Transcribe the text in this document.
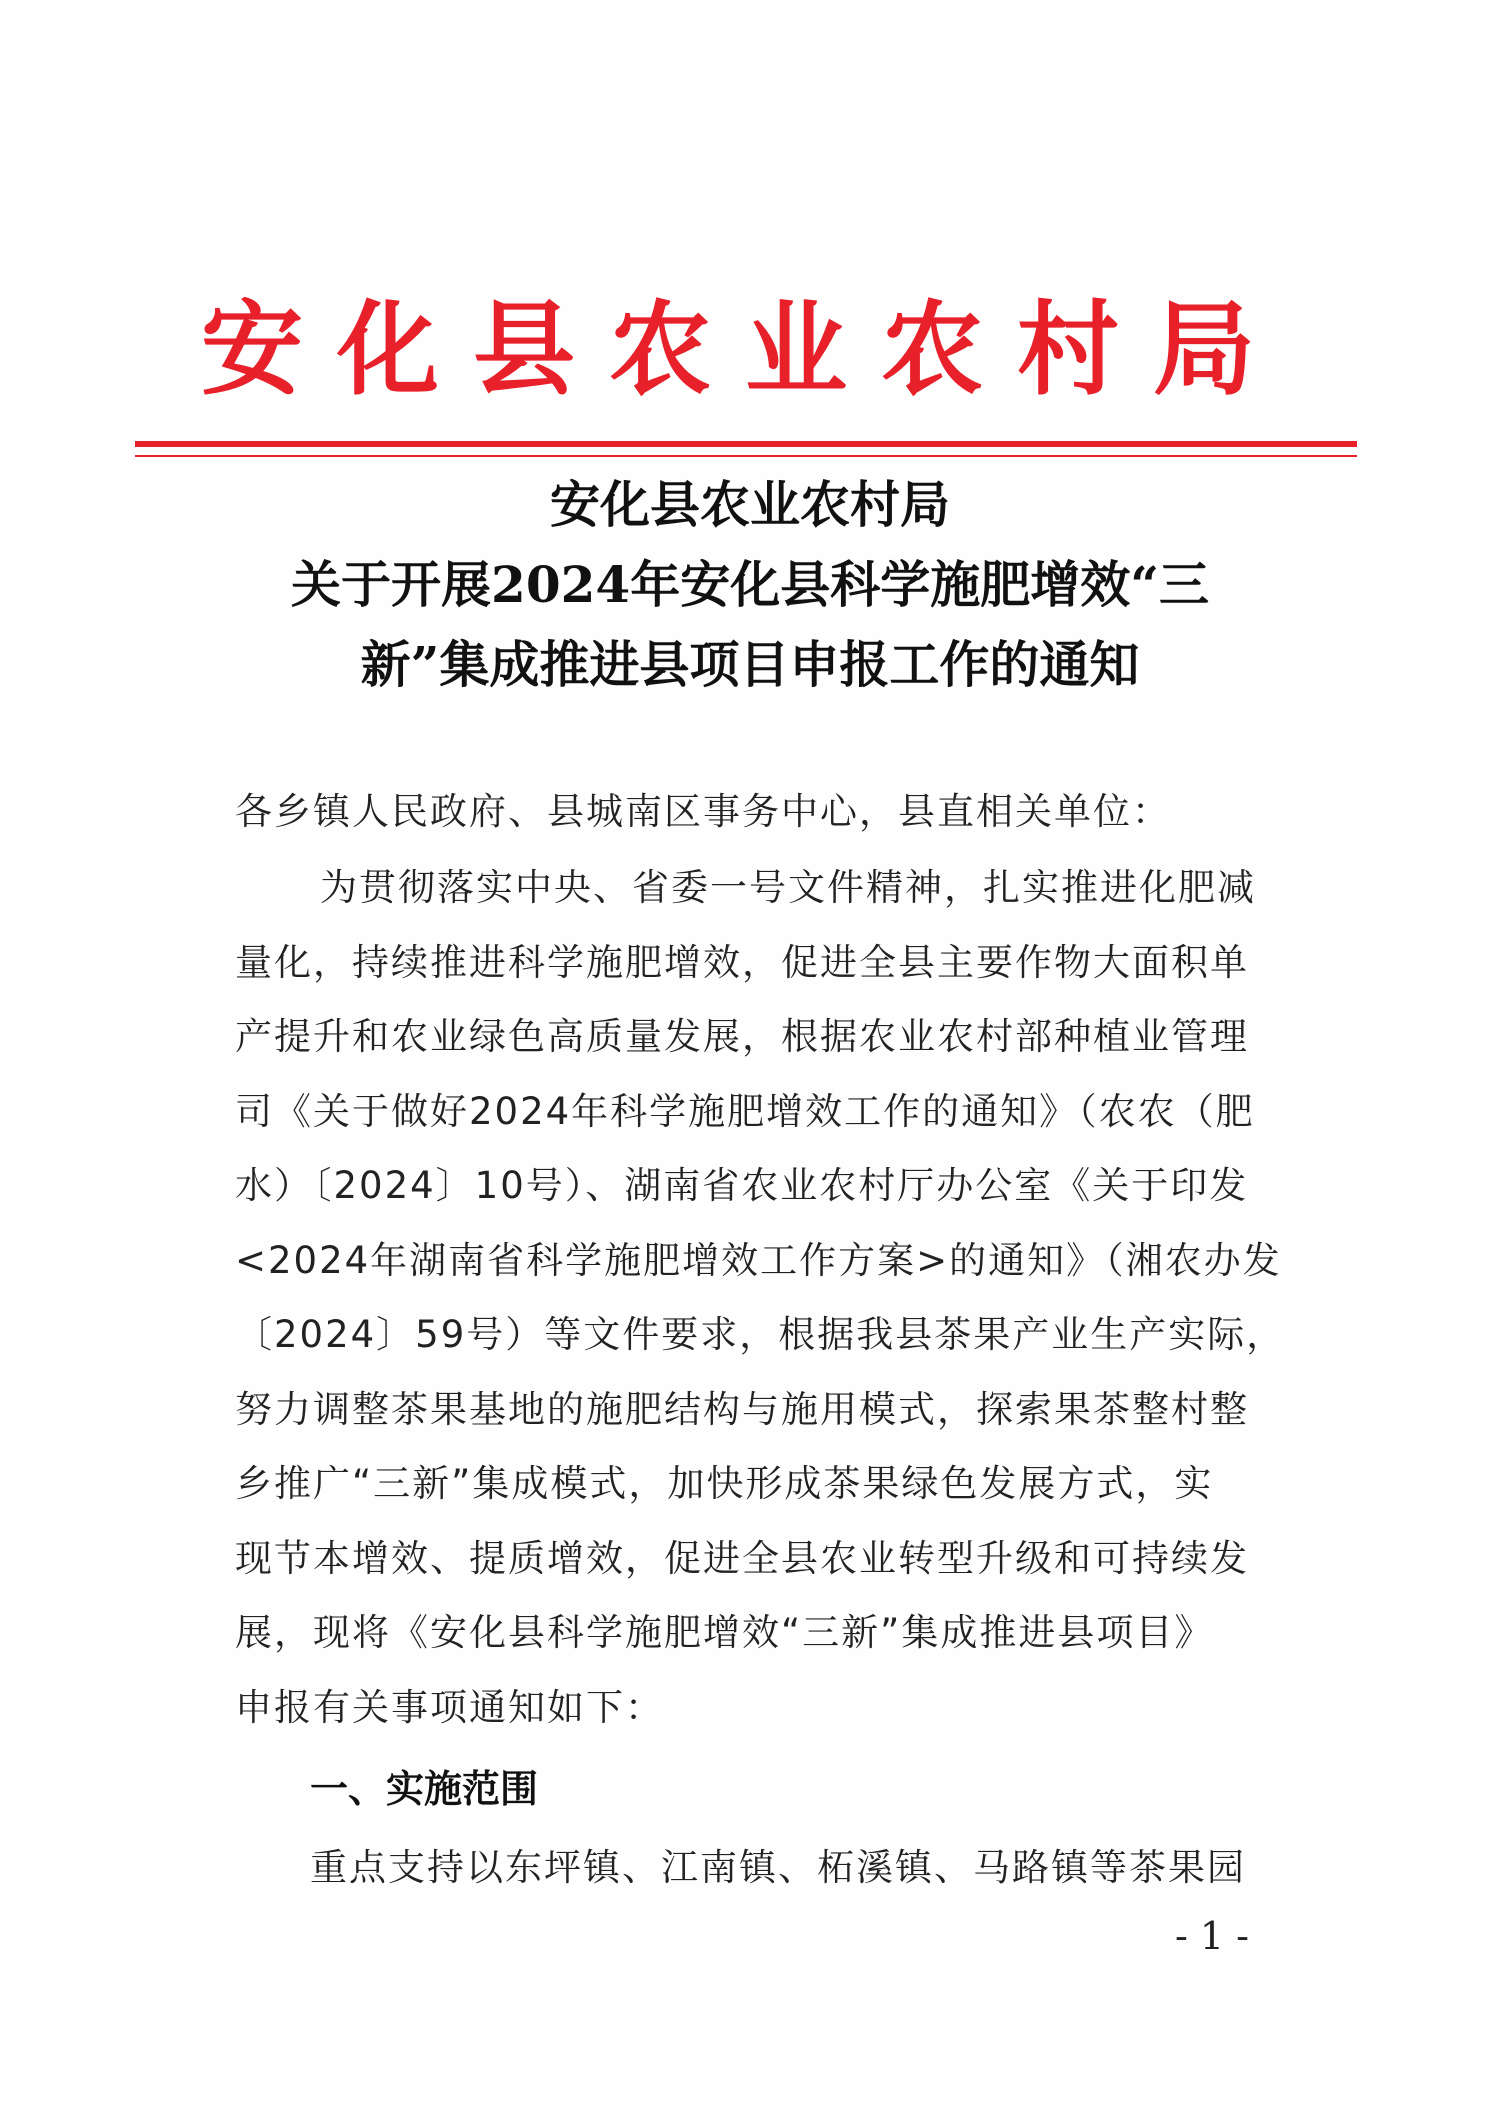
安化县农业农村局
安化县农业农村局
关于开展2024年安化县科学施肥增效“三
新”集成推进县项目申报工作的通知
各乡镇人民政府、县城南区事务中心，县直相关单位：
为贯彻落实中央、省委一号文件精神，扎实推进化肥减
量化，持续推进科学施肥增效，促进全县主要作物大面积单
产提升和农业绿色高质量发展，根据农业农村部种植业管理
司《关于做好2024年科学施肥增效工作的通知》（农农（肥
水）〔2024〕10号）、湖南省农业农村厅办公室《关于印发
<2024年湖南省科学施肥增效工作方案>的通知》（湘农办发
〔2024〕59号）等文件要求，根据我县茶果产业生产实际，
努力调整茶果基地的施肥结构与施用模式，探索果茶整村整
乡推广“三新”集成模式，加快形成茶果绿色发展方式，实
现节本增效、提质增效，促进全县农业转型升级和可持续发
展，现将《安化县科学施肥增效“三新”集成推进县项目》
申报有关事项通知如下：
一、实施范围
重点支持以东坪镇、江南镇、柘溪镇、马路镇等茶果园
- 1 -
